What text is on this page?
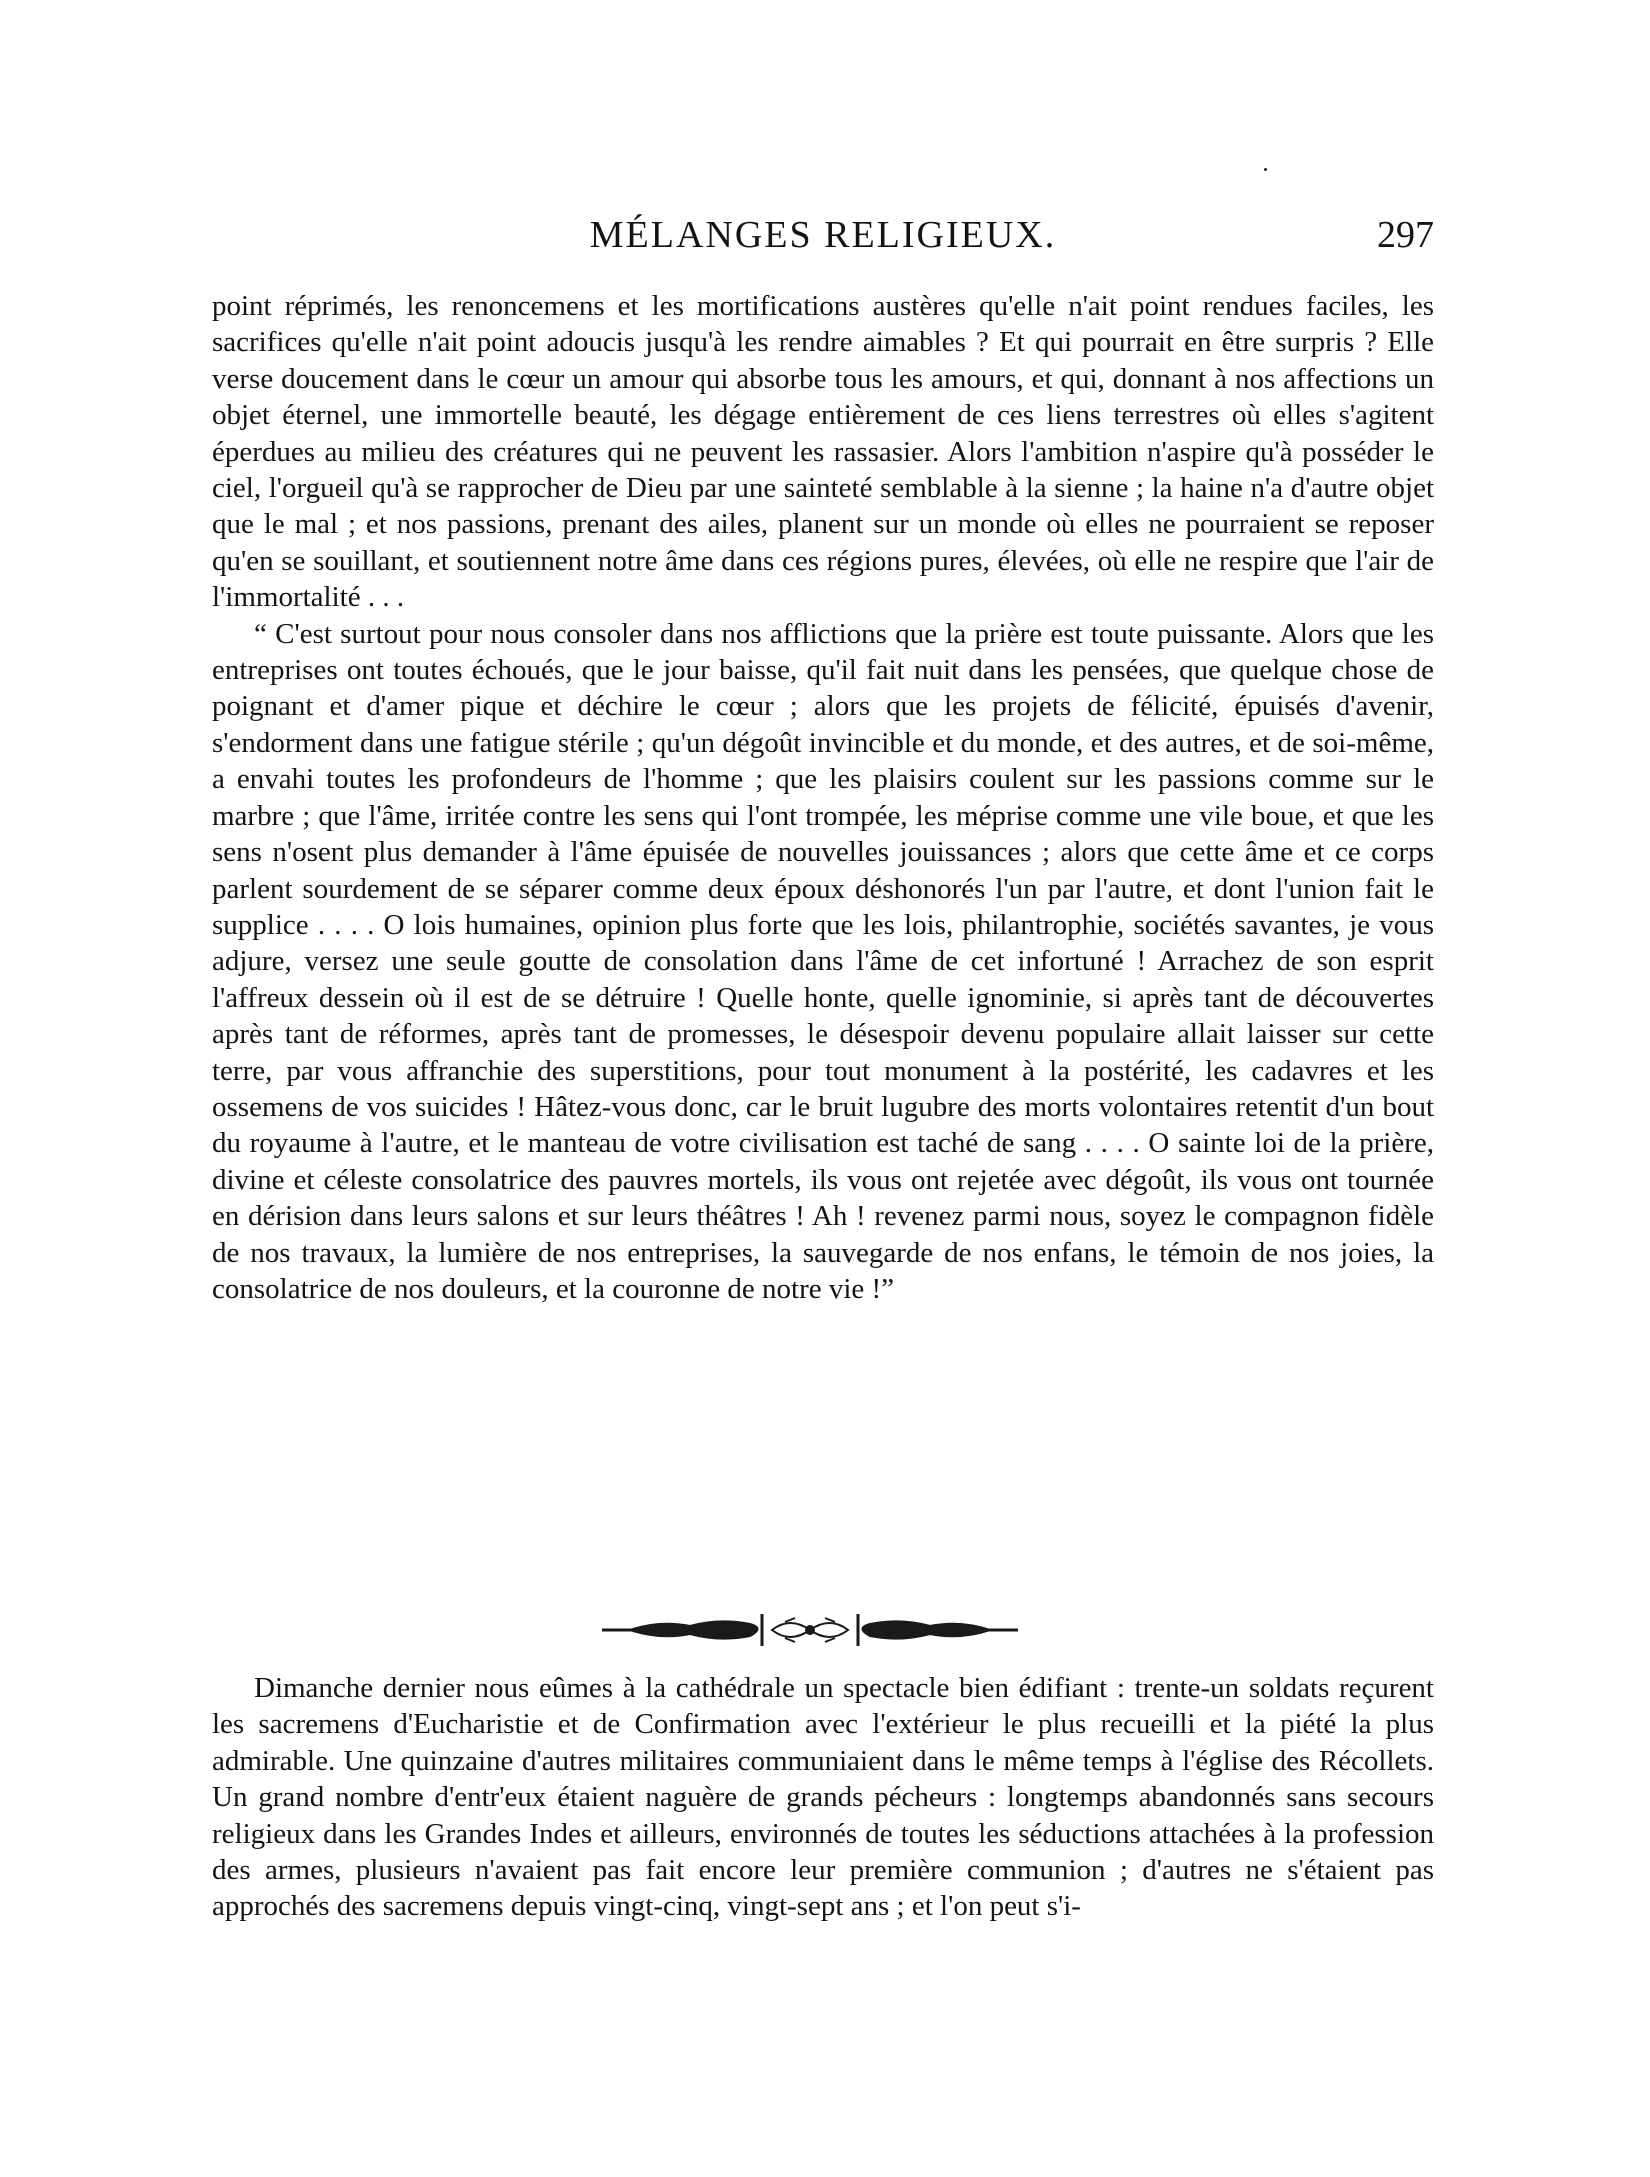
MÉLANGES RELIGIEUX.	297

point réprimés, les renoncemens et les mortifications austères qu'elle n'ait point rendues faciles, les sacrifices qu'elle n'ait point adoucis jusqu'à les rendre aimables ? Et qui pourrait en être surpris ? Elle verse doucement dans le cœur un amour qui absorbe tous les amours, et qui, donnant à nos affections un objet éternel, une immortelle beauté, les dégage entièrement de ces liens terrestres où elles s'agitent éperdues au milieu des créatures qui ne peuvent les rassasier. Alors l'ambition n'aspire qu'à posséder le ciel, l'orgueil qu'à se rapprocher de Dieu par une sainteté semblable à la sienne ; la haine n'a d'autre objet que le mal ; et nos passions, prenant des ailes, planent sur un monde où elles ne pourraient se reposer qu'en se souillant, et soutiennent notre âme dans ces régions pures, élevées, où elle ne respire que l'air de l'immortalité . . .

“ C'est surtout pour nous consoler dans nos afflictions que la prière est toute puissante. Alors que les entreprises ont toutes échoués, que le jour baisse, qu'il fait nuit dans les pensées, que quelque chose de poignant et d'amer pique et déchire le cœur ; alors que les projets de félicité, épuisés d'avenir, s'endorment dans une fatigue stérile ; qu'un dégoût invincible et du monde, et des autres, et de soi-même, a envahi toutes les profondeurs de l'homme ; que les plaisirs coulent sur les passions comme sur le marbre ; que l'âme, irritée contre les sens qui l'ont trompée, les méprise comme une vile boue, et que les sens n'osent plus demander à l'âme épuisée de nouvelles jouissances ; alors que cette âme et ce corps parlent sourdement de se séparer comme deux époux déshonorés l'un par l'autre, et dont l'union fait le supplice . . . . O lois humaines, opinion plus forte que les lois, philantrophie, sociétés savantes, je vous adjure, versez une seule goutte de consolation dans l'âme de cet infortuné ! Arrachez de son esprit l'affreux dessein où il est de se détruire ! Quelle honte, quelle ignominie, si après tant de découvertes après tant de réformes, après tant de promesses, le désespoir devenu populaire allait laisser sur cette terre, par vous affranchie des superstitions, pour tout monument à la postérité, les cadavres et les ossemens de vos suicides ! Hâtez-vous donc, car le bruit lugubre des morts volontaires retentit d'un bout du royaume à l'autre, et le manteau de votre civilisation est taché de sang . . . . O sainte loi de la prière, divine et céleste consolatrice des pauvres mortels, ils vous ont rejetée avec dégoût, ils vous ont tournée en dérision dans leurs salons et sur leurs théâtres ! Ah ! revenez parmi nous, soyez le compagnon fidèle de nos travaux, la lumière de nos entreprises, la sauvegarde de nos enfans, le témoin de nos joies, la consolatrice de nos douleurs, et la couronne de notre vie !”

Dimanche dernier nous eûmes à la cathédrale un spectacle bien édifiant : trente-un soldats reçurent les sacremens d'Eucharistie et de Confirmation avec l'extérieur le plus recueilli et la piété la plus admirable. Une quinzaine d'autres militaires communiaient dans le même temps à l'église des Récollets. Un grand nombre d'entr'eux étaient naguère de grands pécheurs : longtemps abandonnés sans secours religieux dans les Grandes Indes et ailleurs, environnés de toutes les séductions attachées à la profession des armes, plusieurs n'avaient pas fait encore leur première communion ; d'autres ne s'étaient pas approchés des sacremens depuis vingt-cinq, vingt-sept ans ; et l'on peut s'i-
